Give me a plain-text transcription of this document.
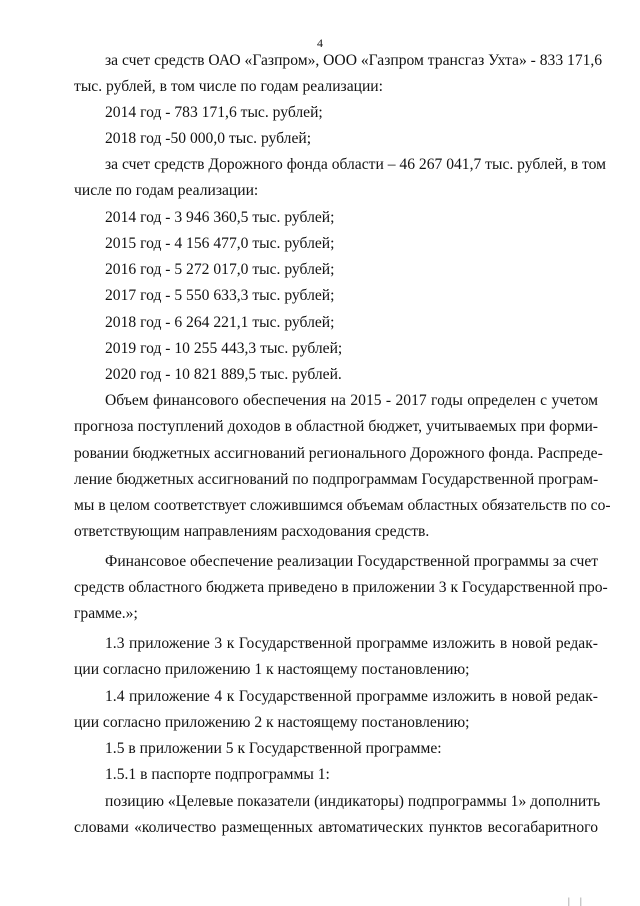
4
за счет средств ОАО «Газпром», ООО «Газпром трансгаз Ухта» - 833 171,6
тыс. рублей, в том числе по годам реализации:
2014 год - 783 171,6 тыс. рублей;
2018 год -50 000,0 тыс. рублей;
за счет средств Дорожного фонда области – 46 267 041,7 тыс. рублей, в том
числе по годам реализации:
2014 год - 3 946 360,5 тыс. рублей;
2015 год - 4 156 477,0 тыс. рублей;
2016 год - 5 272 017,0 тыс. рублей;
2017 год - 5 550 633,3 тыс. рублей;
2018 год - 6 264 221,1 тыс. рублей;
2019 год - 10 255 443,3 тыс. рублей;
2020 год - 10 821 889,5 тыс. рублей.
Объем финансового обеспечения на 2015 - 2017 годы определен с учетом
прогноза поступлений доходов в областной бюджет, учитываемых при форми-
ровании бюджетных ассигнований регионального Дорожного фонда. Распреде-
ление бюджетных ассигнований по подпрограммам Государственной програм-
мы в целом соответствует сложившимся объемам областных обязательств по со-
ответствующим направлениям расходования средств.
Финансовое обеспечение реализации Государственной программы за счет
средств областного бюджета приведено в приложении 3 к Государственной про-
грамме.»;
1.3 приложение 3 к Государственной программе изложить в новой редак-
ции согласно приложению 1 к настоящему постановлению;
1.4 приложение 4 к Государственной программе изложить в новой редак-
ции согласно приложению 2 к настоящему постановлению;
1.5 в приложении 5 к Государственной программе:
1.5.1 в паспорте подпрограммы 1:
позицию «Целевые показатели (индикаторы) подпрограммы 1» дополнить
словами «количество размещенных автоматических пунктов весогабаритного
| |
